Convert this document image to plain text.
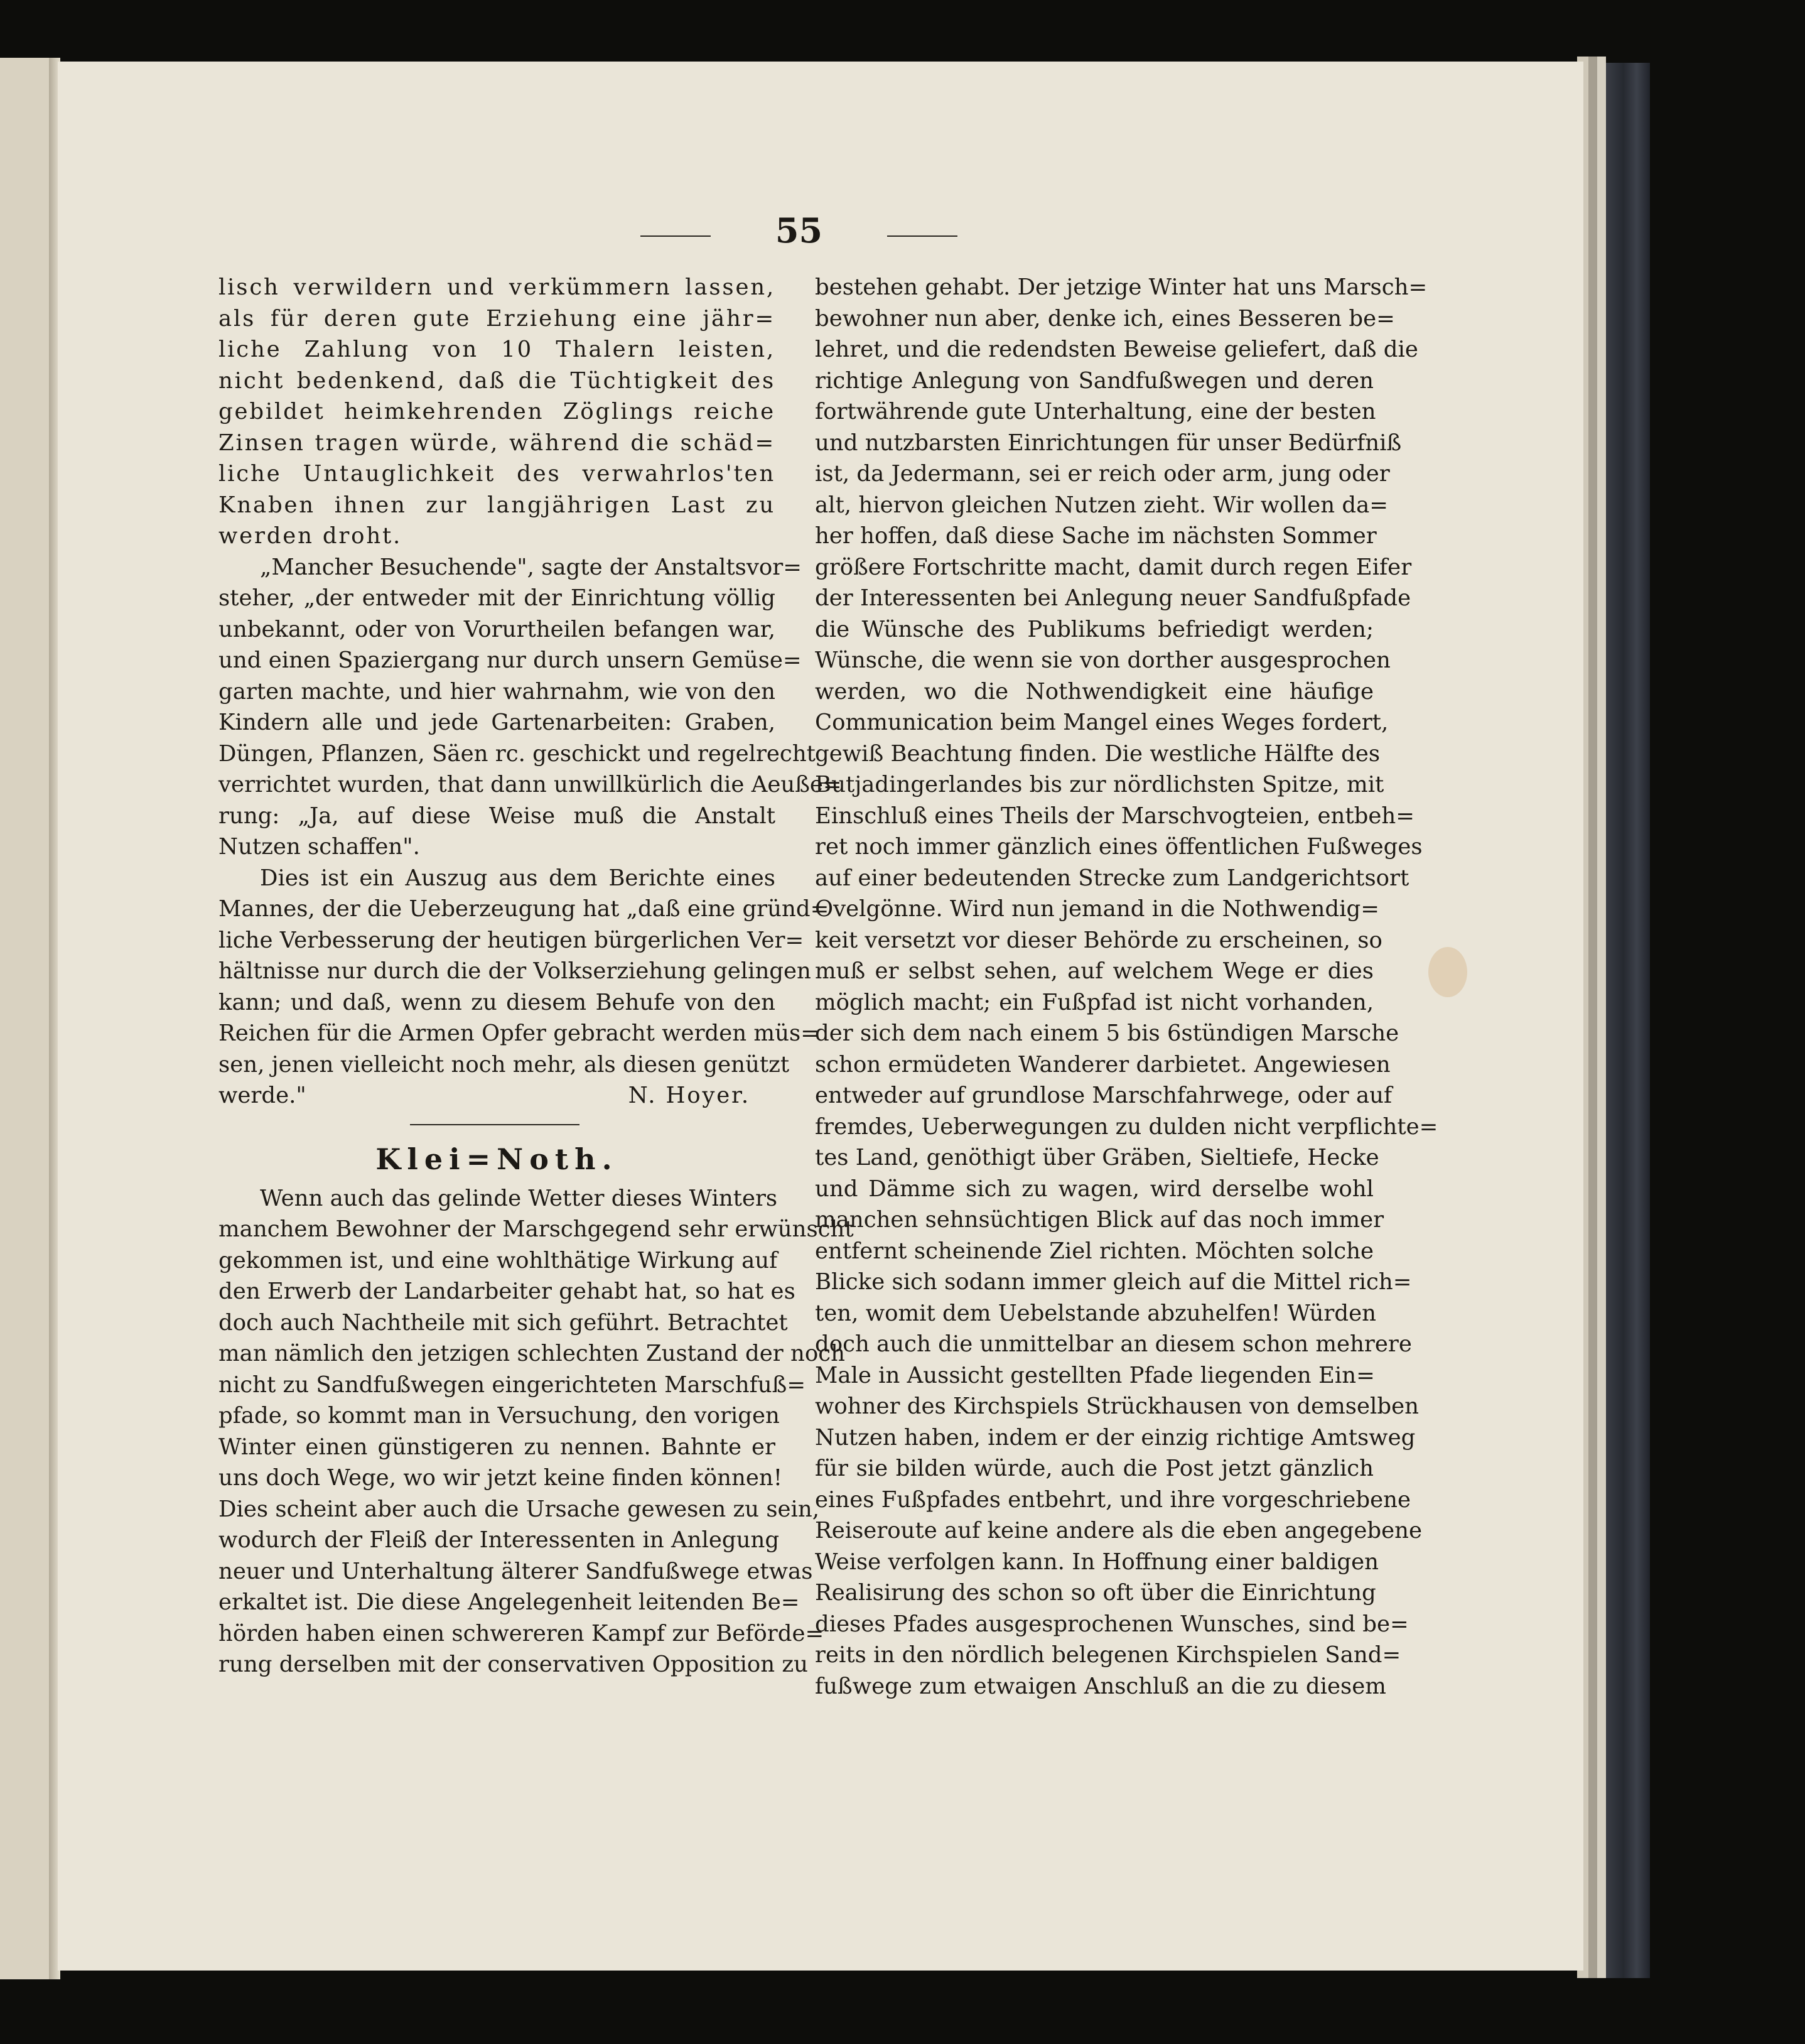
55
lisch verwildern und verkümmern lassen,
als für deren gute Erziehung eine jähr=
liche Zahlung von 10 Thalern leisten,
nicht bedenkend, daß die Tüchtigkeit des
gebildet heimkehrenden Zöglings reiche
Zinsen tragen würde, während die schäd=
liche Untauglichkeit des verwahrlos'ten
Knaben ihnen zur langjährigen Last zu
werden droht.
„Mancher Besuchende", sagte der Anstaltsvor=
steher, „der entweder mit der Einrichtung völlig
unbekannt, oder von Vorurtheilen befangen war,
und einen Spaziergang nur durch unsern Gemüse=
garten machte, und hier wahrnahm, wie von den
Kindern alle und jede Gartenarbeiten: Graben,
Düngen, Pflanzen, Säen rc. geschickt und regelrecht
verrichtet wurden, that dann unwillkürlich die Aeuße=
rung: „Ja, auf diese Weise muß die Anstalt
Nutzen schaffen".
Dies ist ein Auszug aus dem Berichte eines
Mannes, der die Ueberzeugung hat „daß eine gründ=
liche Verbesserung der heutigen bürgerlichen Ver=
hältnisse nur durch die der Volkserziehung gelingen
kann; und daß, wenn zu diesem Behufe von den
Reichen für die Armen Opfer gebracht werden müs=
sen, jenen vielleicht noch mehr, als diesen genützt
werde."	N. Hoyer.
Klei=Noth.
Wenn auch das gelinde Wetter dieses Winters
manchem Bewohner der Marschgegend sehr erwünscht
gekommen ist, und eine wohlthätige Wirkung auf
den Erwerb der Landarbeiter gehabt hat, so hat es
doch auch Nachtheile mit sich geführt. Betrachtet
man nämlich den jetzigen schlechten Zustand der noch
nicht zu Sandfußwegen eingerichteten Marschfuß=
pfade, so kommt man in Versuchung, den vorigen
Winter einen günstigeren zu nennen. Bahnte er
uns doch Wege, wo wir jetzt keine finden können!
Dies scheint aber auch die Ursache gewesen zu sein,
wodurch der Fleiß der Interessenten in Anlegung
neuer und Unterhaltung älterer Sandfußwege etwas
erkaltet ist. Die diese Angelegenheit leitenden Be=
hörden haben einen schwereren Kampf zur Beförde=
rung derselben mit der conservativen Opposition zu
bestehen gehabt. Der jetzige Winter hat uns Marsch=
bewohner nun aber, denke ich, eines Besseren be=
lehret, und die redendsten Beweise geliefert, daß die
richtige Anlegung von Sandfußwegen und deren
fortwährende gute Unterhaltung, eine der besten
und nutzbarsten Einrichtungen für unser Bedürfniß
ist, da Jedermann, sei er reich oder arm, jung oder
alt, hiervon gleichen Nutzen zieht. Wir wollen da=
her hoffen, daß diese Sache im nächsten Sommer
größere Fortschritte macht, damit durch regen Eifer
der Interessenten bei Anlegung neuer Sandfußpfade
die Wünsche des Publikums befriedigt werden;
Wünsche, die wenn sie von dorther ausgesprochen
werden, wo die Nothwendigkeit eine häufige
Communication beim Mangel eines Weges fordert,
gewiß Beachtung finden. Die westliche Hälfte des
Butjadingerlandes bis zur nördlichsten Spitze, mit
Einschluß eines Theils der Marschvogteien, entbeh=
ret noch immer gänzlich eines öffentlichen Fußweges
auf einer bedeutenden Strecke zum Landgerichtsort
Ovelgönne. Wird nun jemand in die Nothwendig=
keit versetzt vor dieser Behörde zu erscheinen, so
muß er selbst sehen, auf welchem Wege er dies
möglich macht; ein Fußpfad ist nicht vorhanden,
der sich dem nach einem 5 bis 6stündigen Marsche
schon ermüdeten Wanderer darbietet. Angewiesen
entweder auf grundlose Marschfahrwege, oder auf
fremdes, Ueberwegungen zu dulden nicht verpflichte=
tes Land, genöthigt über Gräben, Sieltiefe, Hecke
und Dämme sich zu wagen, wird derselbe wohl
manchen sehnsüchtigen Blick auf das noch immer
entfernt scheinende Ziel richten. Möchten solche
Blicke sich sodann immer gleich auf die Mittel rich=
ten, womit dem Uebelstande abzuhelfen! Würden
doch auch die unmittelbar an diesem schon mehrere
Male in Aussicht gestellten Pfade liegenden Ein=
wohner des Kirchspiels Strückhausen von demselben
Nutzen haben, indem er der einzig richtige Amtsweg
für sie bilden würde, auch die Post jetzt gänzlich
eines Fußpfades entbehrt, und ihre vorgeschriebene
Reiseroute auf keine andere als die eben angegebene
Weise verfolgen kann. In Hoffnung einer baldigen
Realisirung des schon so oft über die Einrichtung
dieses Pfades ausgesprochenen Wunsches, sind be=
reits in den nördlich belegenen Kirchspielen Sand=
fußwege zum etwaigen Anschluß an die zu diesem
